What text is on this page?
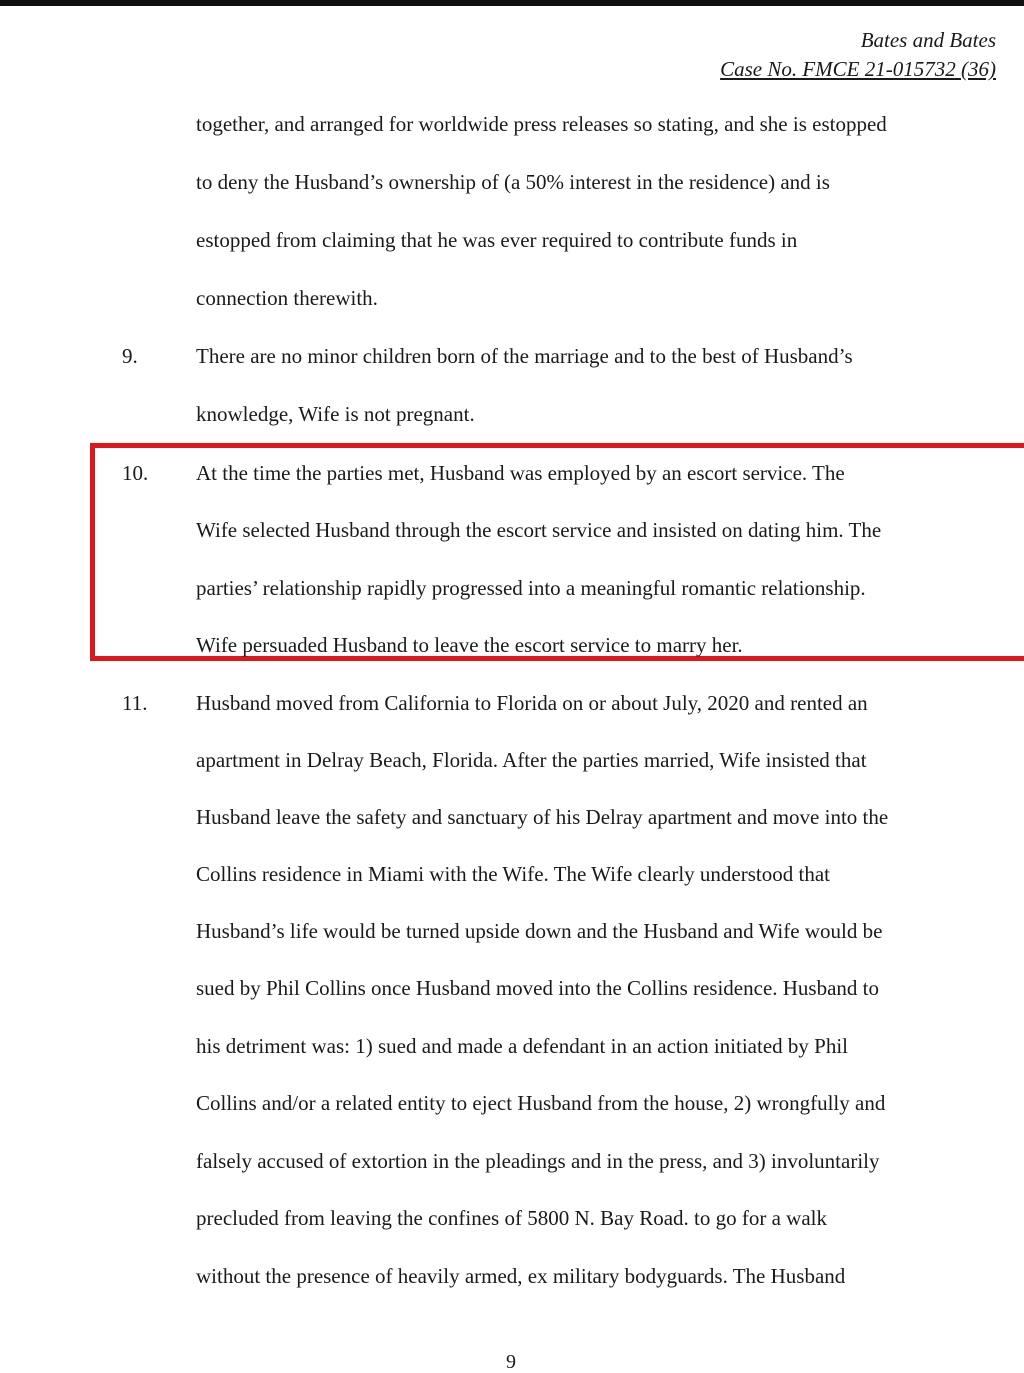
Bates and Bates
Case No. FMCE 21-015732 (36)
together, and arranged for worldwide press releases so stating, and she is estopped
to deny the Husband’s ownership of (a 50% interest in the residence) and is
estopped from claiming that he was ever required to contribute funds in
connection therewith.
9.	There are no minor children born of the marriage and to the best of Husband’s
knowledge, Wife is not pregnant.
10. At the time the parties met, Husband was employed by an escort service. The
Wife selected Husband through the escort service and insisted on dating him. The
parties’ relationship rapidly progressed into a meaningful romantic relationship.
Wife persuaded Husband to leave the escort service to marry her.
11. Husband moved from California to Florida on or about July, 2020 and rented an
apartment in Delray Beach, Florida. After the parties married, Wife insisted that
Husband leave the safety and sanctuary of his Delray apartment and move into the
Collins residence in Miami with the Wife. The Wife clearly understood that
Husband’s life would be turned upside down and the Husband and Wife would be
sued by Phil Collins once Husband moved into the Collins residence. Husband to
his detriment was: 1) sued and made a defendant in an action initiated by Phil
Collins and/or a related entity to eject Husband from the house, 2) wrongfully and
falsely accused of extortion in the pleadings and in the press, and 3) involuntarily
precluded from leaving the confines of 5800 N. Bay Road. to go for a walk
without the presence of heavily armed, ex military bodyguards. The Husband
9
